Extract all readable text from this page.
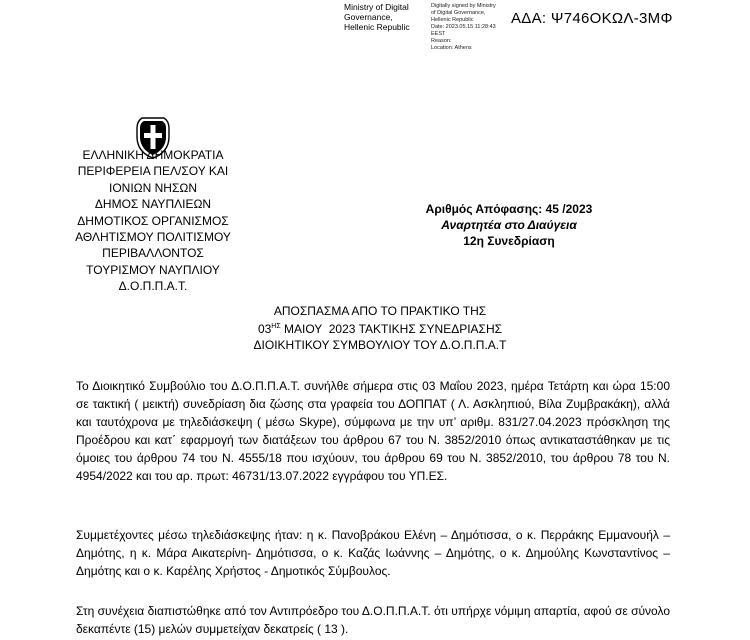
ΑΔΑ: Ψ746ΟΚΩΛ-3ΜΦ
Ministry of Digital
Governance,
Hellenic Republic
Digitally signed by Ministry
of Digital Governance,
Hellenic Republic
Date: 2023.05.15 11:28:43
EEST
Reason:
Location: Athens
ΕΛΛΗΝΙΚΗ ΔΗΜΟΚΡΑΤΙΑ
ΠΕΡΙΦΕΡΕΙΑ ΠΕΛ/ΣΟΥ ΚΑΙ
ΙΟΝΙΩΝ ΝΗΣΩΝ
ΔΗΜΟΣ ΝΑΥΠΛΙΕΩΝ
ΔΗΜΟΤΙΚΟΣ ΟΡΓΑΝΙΣΜΟΣ
ΑΘΛΗΤΙΣΜΟΥ ΠΟΛΙΤΙΣΜΟΥ
ΠΕΡΙΒΑΛΛΟΝΤΟΣ
ΤΟΥΡΙΣΜΟΥ ΝΑΥΠΛΙΟΥ
Δ.Ο.Π.Π.Α.Τ.
Αριθμός Απόφασης: 45 /2023
Αναρτητέα στο Διαύγεια
12η Συνεδρίαση
ΑΠΟΣΠΑΣΜΑ ΑΠΟ ΤΟ ΠΡΑΚΤΙΚΟ ΤΗΣ
$03^{H\Sigma}$ ΜΑΙΟΥ  2023 ΤΑΚΤΙΚΗΣ ΣΥΝΕΔΡΙΑΣΗΣ
ΔΙΟΙΚΗΤΙΚΟΥ ΣΥΜΒΟΥΛΙΟΥ ΤΟΥ Δ.Ο.Π.Π.Α.Τ

Το Διοικητικό Συμβούλιο του Δ.Ο.Π.Π.Α.Τ. συνήλθε σήμερα στις 03 Μαΐου 2023, ημέρα Τετάρτη και ώρα 15:00 σε τακτική ( μεικτή) συνεδρίαση δια ζώσης στα γραφεία του ΔΟΠΠΑΤ ( Λ. Ασκληπιού, Βίλα Ζυμβρακάκη), αλλά και ταυτόχρονα με τηλεδιάσκεψη ( μέσω Skype), σύμφωνα με την υπ’ αριθμ. 831/27.04.2023 πρόσκληση της Προέδρου και κατ΄ εφαρμογή των διατάξεων του άρθρου 67 του Ν. 3852/2010 όπως αντικαταστάθηκαν με τις όμοιες του άρθρου 74 του Ν. 4555/18 που ισχύουν, του άρθρου 69 του Ν. 3852/2010, του άρθρου 78 του Ν. 4954/2022 και του αρ. πρωτ: 46731/13.07.2022 εγγράφου του ΥΠ.ΕΣ.

Συμμετέχοντες μέσω τηλεδιάσκεψης ήταν: η κ. Πανοβράκου Ελένη – Δημότισσα, ο κ. Περράκης Εμμανουήλ – Δημότης, η κ. Μάρα Αικατερίνη- Δημότισσα, ο κ. Καζάς Ιωάννης – Δημότης, ο κ. Δημούλης Κωνσταντίνος – Δημότης και ο κ. Καρέλης Χρήστος - Δημοτικός Σύμβουλος.

Στη συνέχεια διαπιστώθηκε από τον Αντιπρόεδρο του Δ.Ο.Π.Π.Α.Τ. ότι υπήρχε νόμιμη απαρτία, αφού σε σύνολο δεκαπέντε (15) μελών συμμετείχαν δεκατρείς ( 13 ).
